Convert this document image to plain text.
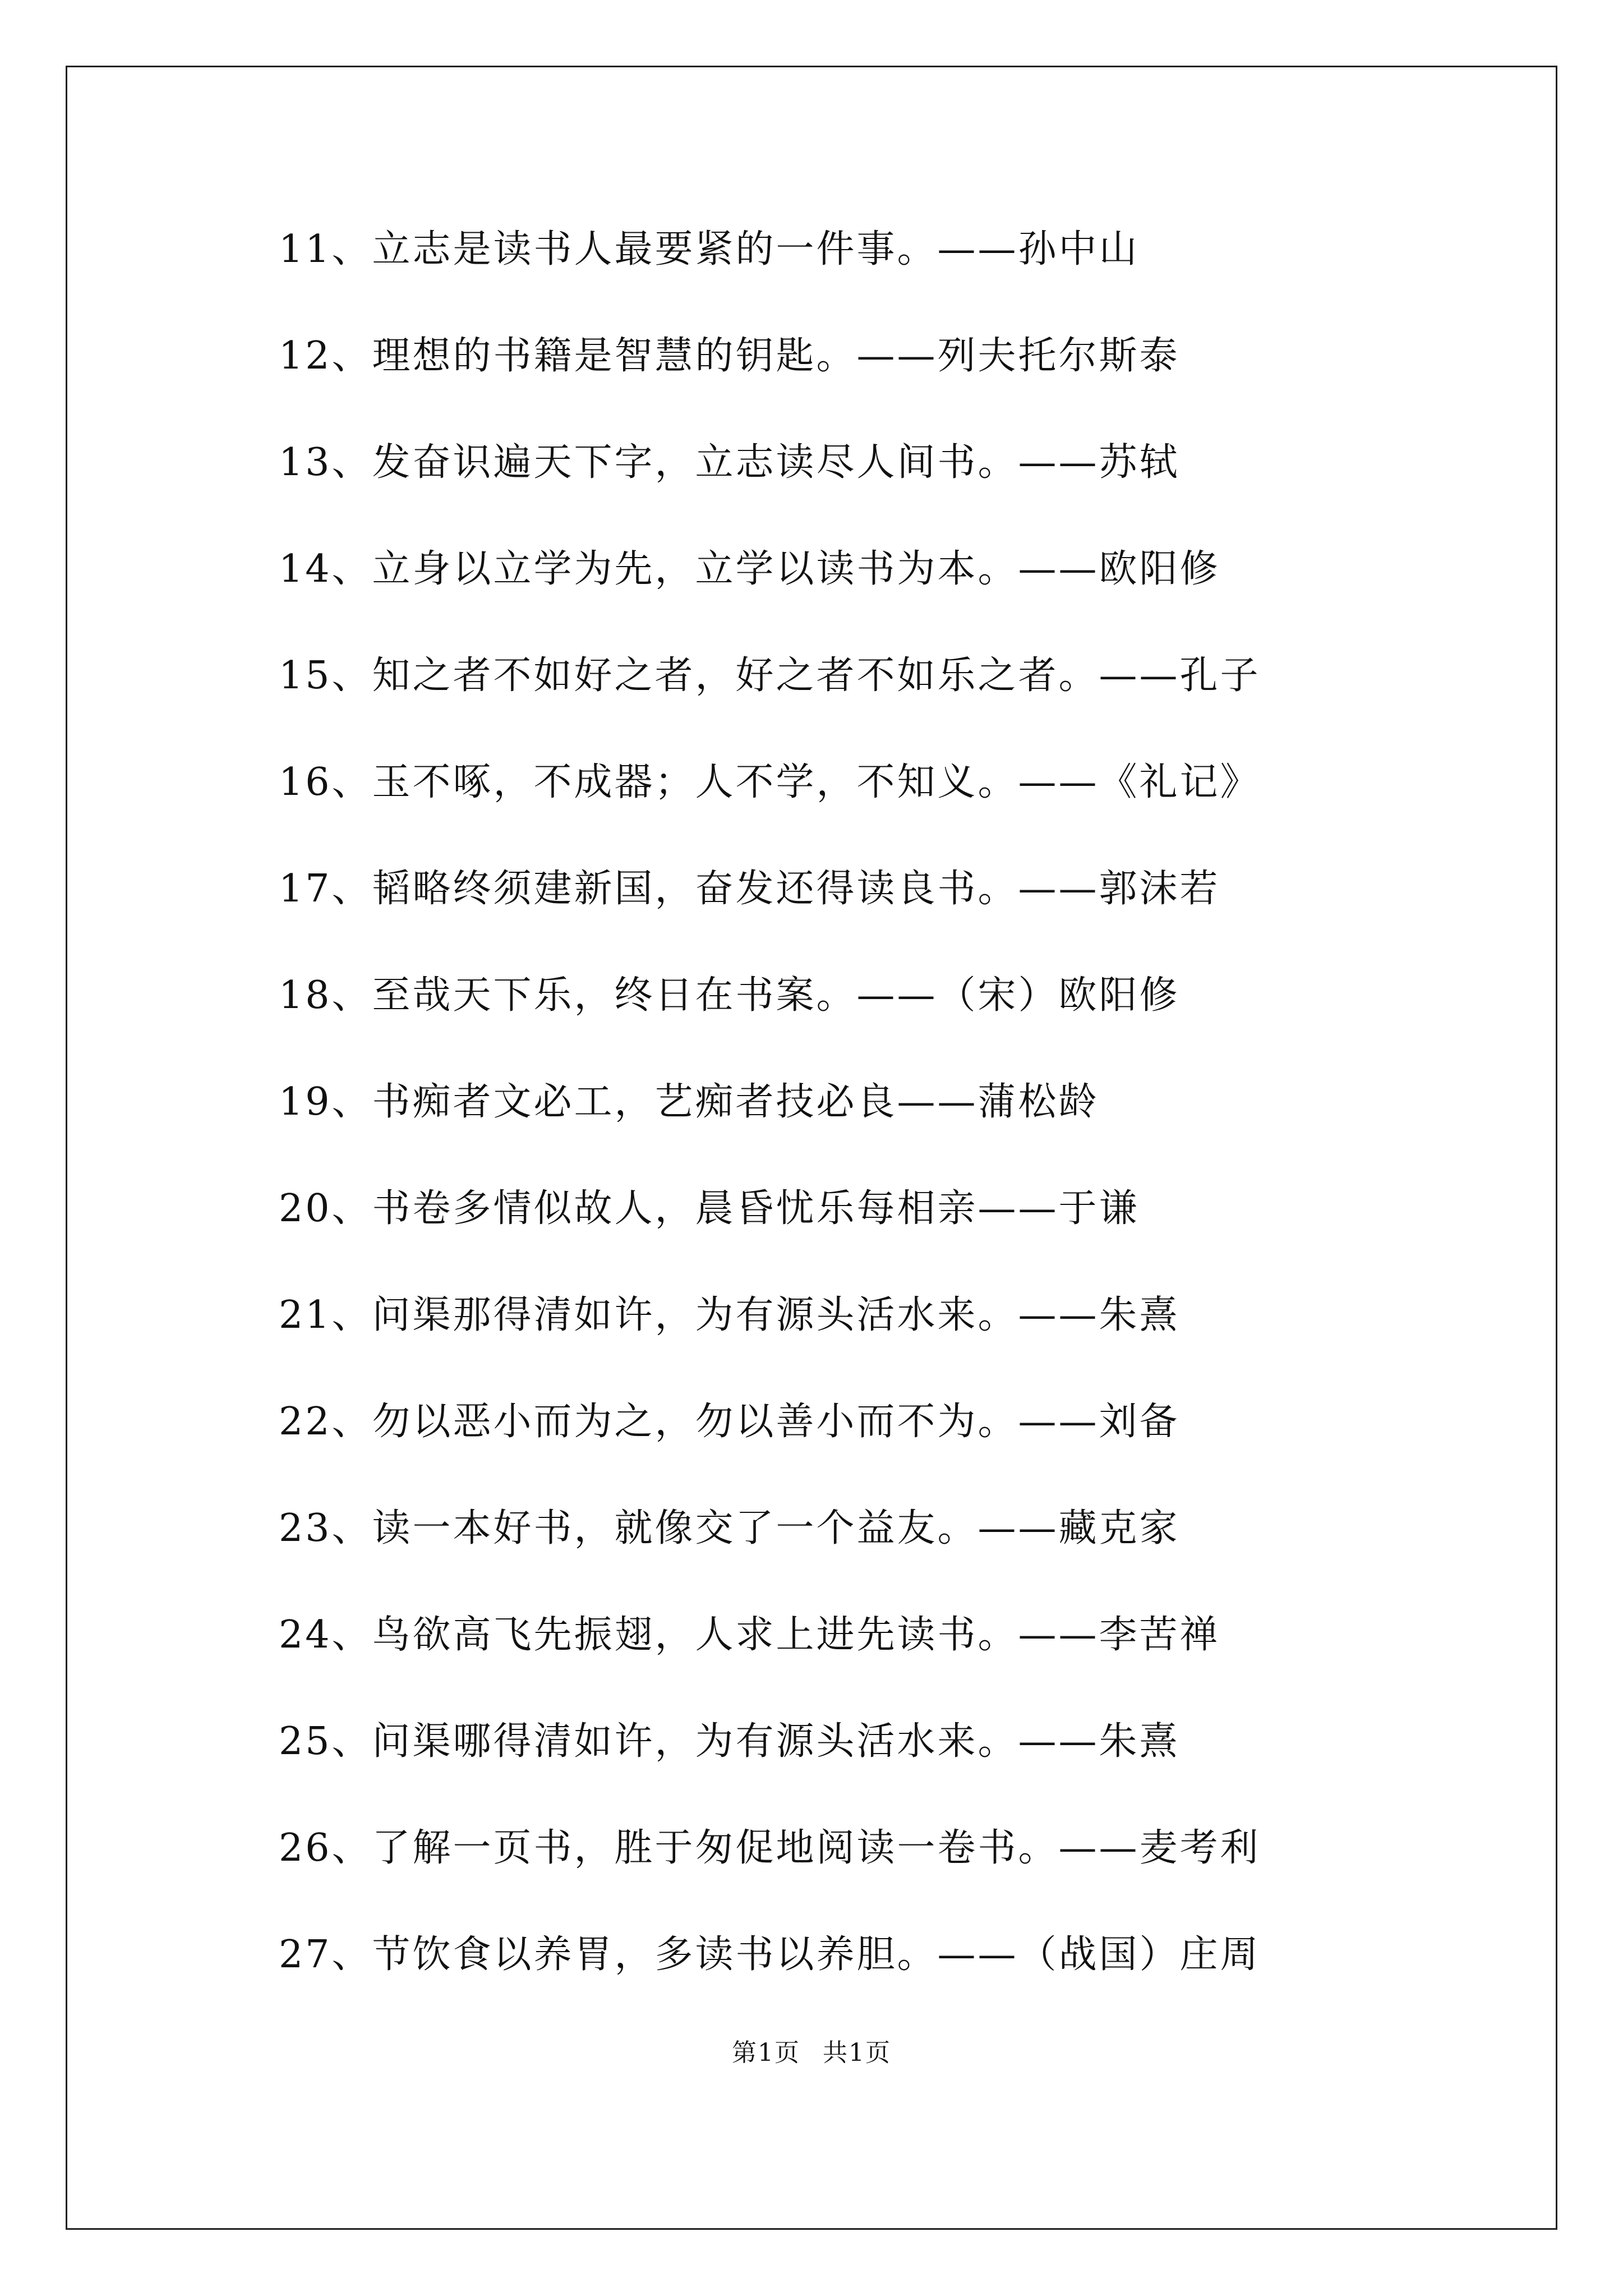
11、立志是读书人最要紧的一件事。——孙中山
12、理想的书籍是智慧的钥匙。——列夫托尔斯泰
13、发奋识遍天下字，立志读尽人间书。——苏轼
14、立身以立学为先，立学以读书为本。——欧阳修
15、知之者不如好之者，好之者不如乐之者。——孔子
16、玉不啄，不成器；人不学，不知义。——《礼记》
17、韬略终须建新国，奋发还得读良书。——郭沫若
18、至哉天下乐，终日在书案。——（宋）欧阳修
19、书痴者文必工，艺痴者技必良——蒲松龄
20、书卷多情似故人，晨昏忧乐每相亲——于谦
21、问渠那得清如许，为有源头活水来。——朱熹
22、勿以恶小而为之，勿以善小而不为。——刘备
23、读一本好书，就像交了一个益友。——藏克家
24、鸟欲高飞先振翅，人求上进先读书。——李苦禅
25、问渠哪得清如许，为有源头活水来。——朱熹
26、了解一页书，胜于匆促地阅读一卷书。——麦考利
27、节饮食以养胃，多读书以养胆。——（战国）庄周
第1页 共1页
